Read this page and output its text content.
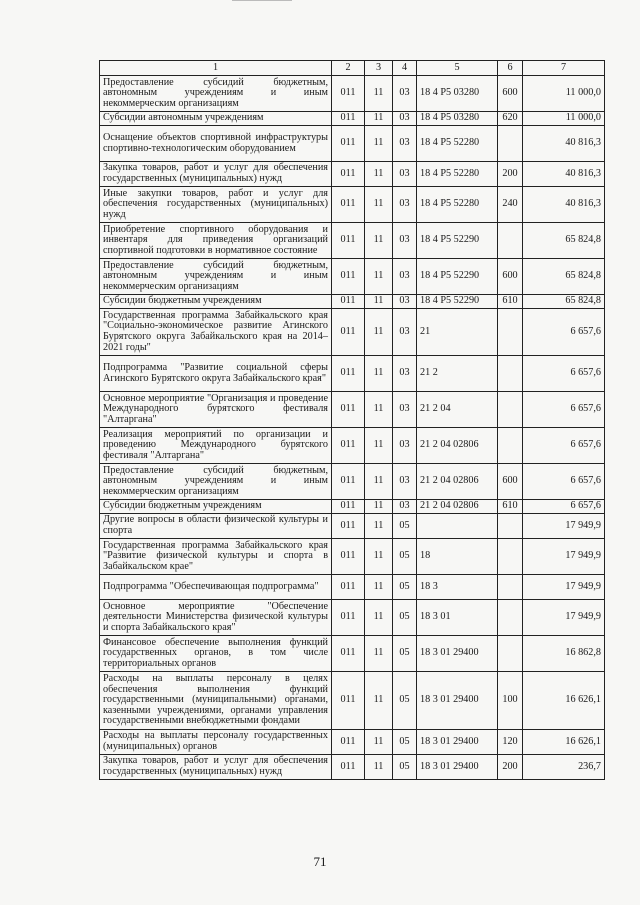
1	2	3	4	5	6	7
Предоставление субсидий бюджетным, автономным учреждениям и иным некоммерческим организациям	011	11	03	18 4 P5 03280	600	11 000,0
Субсидии автономным учреждениям	011	11	03	18 4 P5 03280	620	11 000,0
Оснащение объектов спортивной инфраструктуры спортивно-технологическим оборудованием	011	11	03	18 4 P5 52280		40 816,3
Закупка товаров, работ и услуг для обеспечения государственных (муниципальных) нужд	011	11	03	18 4 P5 52280	200	40 816,3
Иные закупки товаров, работ и услуг для обеспечения государственных (муниципальных) нужд	011	11	03	18 4 P5 52280	240	40 816,3
Приобретение спортивного оборудования и инвентаря для приведения организаций спортивной подготовки в нормативное состояние	011	11	03	18 4 P5 52290		65 824,8
Предоставление субсидий бюджетным, автономным учреждениям и иным некоммерческим организациям	011	11	03	18 4 P5 52290	600	65 824,8
Субсидии бюджетным учреждениям	011	11	03	18 4 P5 52290	610	65 824,8
Государственная программа Забайкальского края "Социально-экономическое развитие Агинского Бурятского округа Забайкальского края на 2014–2021 годы"	011	11	03	21		6 657,6
Подпрограмма "Развитие социальной сферы Агинского Бурятского округа Забайкальского края"	011	11	03	21 2		6 657,6
Основное мероприятие "Организация и проведение Международного бурятского фестиваля "Алтаргана"	011	11	03	21 2 04		6 657,6
Реализация мероприятий по организации и проведению Международного бурятского фестиваля "Алтаргана"	011	11	03	21 2 04 02806		6 657,6
Предоставление субсидий бюджетным, автономным учреждениям и иным некоммерческим организациям	011	11	03	21 2 04 02806	600	6 657,6
Субсидии бюджетным учреждениям	011	11	03	21 2 04 02806	610	6 657,6
Другие вопросы в области физической культуры и спорта	011	11	05			17 949,9
Государственная программа Забайкальского края "Развитие физической культуры и спорта в Забайкальском крае"	011	11	05	18		17 949,9
Подпрограмма "Обеспечивающая подпрограмма"	011	11	05	18 3		17 949,9
Основное мероприятие "Обеспечение деятельности Министерства физической культуры и спорта Забайкальского края"	011	11	05	18 3 01		17 949,9
Финансовое обеспечение выполнения функций государственных органов, в том числе территориальных органов	011	11	05	18 3 01 29400		16 862,8
Расходы на выплаты персоналу в целях обеспечения выполнения функций государственными (муниципальными) органами, казенными учреждениями, органами управления государственными внебюджетными фондами	011	11	05	18 3 01 29400	100	16 626,1
Расходы на выплаты персоналу государственных (муниципальных) органов	011	11	05	18 3 01 29400	120	16 626,1
Закупка товаров, работ и услуг для обеспечения государственных (муниципальных) нужд	011	11	05	18 3 01 29400	200	236,7
71
